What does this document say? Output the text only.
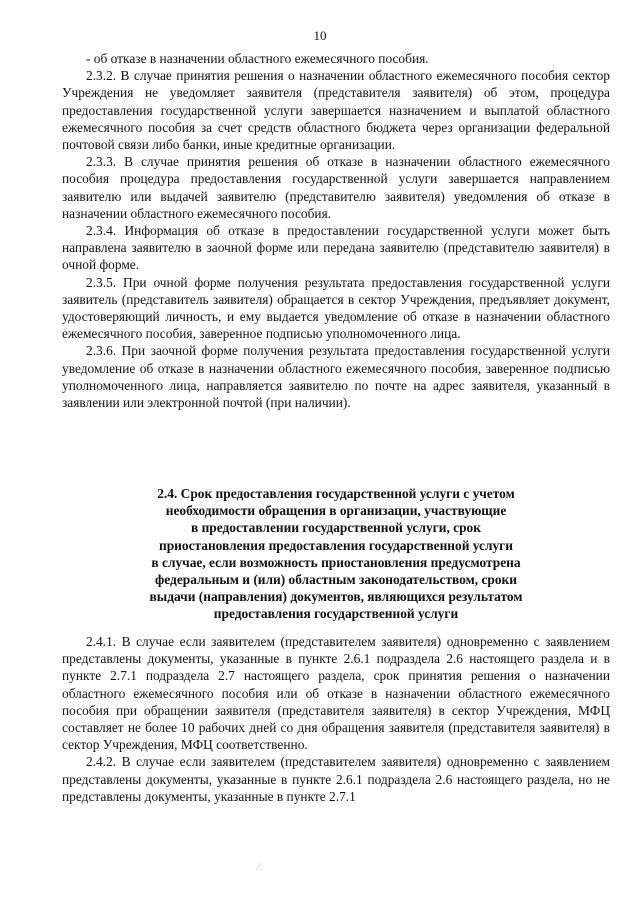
10

- об отказе в назначении областного ежемесячного пособия.

2.3.2. В случае принятия решения о назначении областного ежемесячного пособия сектор Учреждения не уведомляет заявителя (представителя заявителя) об этом, процедура предоставления государственной услуги завершается назначением и выплатой областного ежемесячного пособия за счет средств областного бюджета через организации федеральной почтовой связи либо банки, иные кредитные организации.

2.3.3. В случае принятия решения об отказе в назначении областного ежемесячного пособия процедура предоставления государственной услуги завершается направлением заявителю или выдачей заявителю (представителю заявителя) уведомления об отказе в назначении областного ежемесячного пособия.

2.3.4. Информация об отказе в предоставлении государственной услуги может быть направлена заявителю в заочной форме или передана заявителю (представителю заявителя) в очной форме.

2.3.5. При очной форме получения результата предоставления государственной услуги заявитель (представитель заявителя) обращается в сектор Учреждения, предъявляет документ, удостоверяющий личность, и ему выдается уведомление об отказе в назначении областного ежемесячного пособия, заверенное подписью уполномоченного лица.

2.3.6. При заочной форме получения результата предоставления государственной услуги уведомление об отказе в назначении областного ежемесячного пособия, заверенное подписью уполномоченного лица, направляется заявителю по почте на адрес заявителя, указанный в заявлении или электронной почтой (при наличии).

2.4. Срок предоставления государственной услуги с учетом

необходимости обращения в организации, участвующие

в предоставлении государственной услуги, срок

приостановления предоставления государственной услуги

в случае, если возможность приостановления предусмотрена

федеральным и (или) областным законодательством, сроки

выдачи (направления) документов, являющихся результатом

предоставления государственной услуги

2.4.1. В случае если заявителем (представителем заявителя) одновременно с заявлением представлены документы, указанные в пункте 2.6.1 подраздела 2.6 настоящего раздела и в пункте 2.7.1 подраздела 2.7 настоящего раздела, срок принятия решения о назначении областного ежемесячного пособия или об отказе в назначении областного ежемесячного пособия при обращении заявителя (представителя заявителя) в сектор Учреждения, МФЦ составляет не более 10 рабочих дней со дня обращения заявителя (представителя заявителя) в сектор Учреждения, МФЦ соответственно.

2.4.2. В случае если заявителем (представителем заявителя) одновременно с заявлением представлены документы, указанные в пункте 2.6.1 подраздела 2.6 настоящего раздела, но не представлены документы, указанные в пункте 2.7.1

⁄.
